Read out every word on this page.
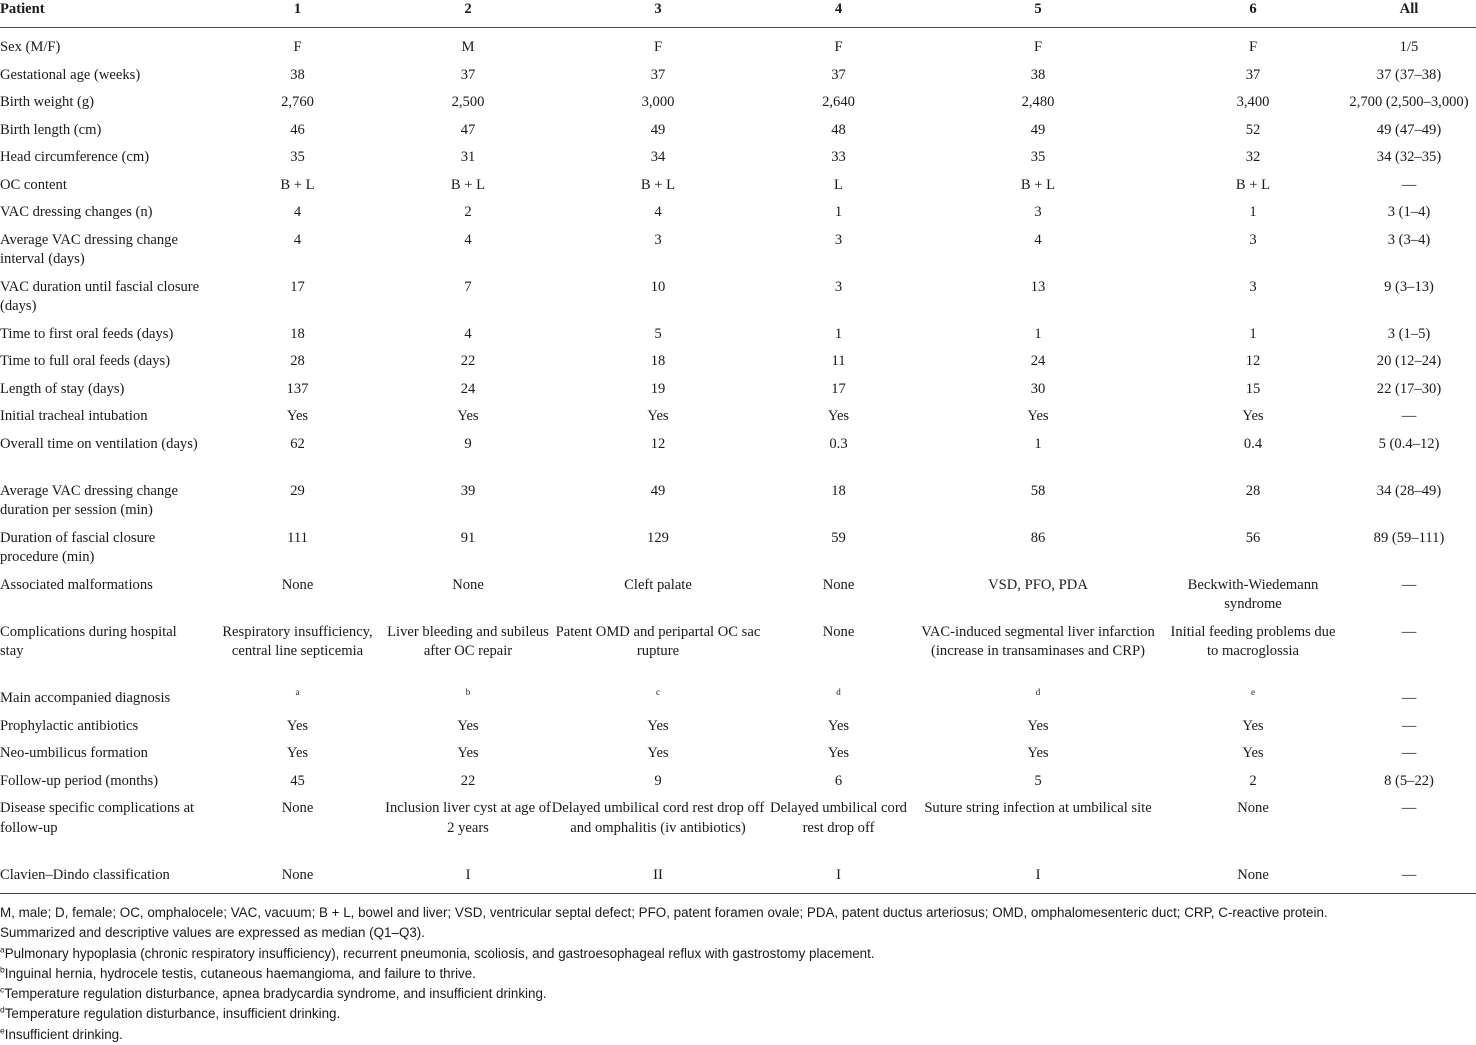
Patient	1	2	3	4	5	6	All
Sex (M/F)	F	M	F	F	F	F	1/5
Gestational age (weeks)	38	37	37	37	38	37	37 (37–38)
Birth weight (g)	2,760	2,500	3,000	2,640	2,480	3,400	2,700 (2,500–3,000)
Birth length (cm)	46	47	49	48	49	52	49 (47–49)
Head circumference (cm)	35	31	34	33	35	32	34 (32–35)
OC content	B + L	B + L	B + L	L	B + L	B + L	—
VAC dressing changes (n)	4	2	4	1	3	1	3 (1–4)
Average VAC dressing change interval (days)	4	4	3	3	4	3	3 (3–4)
VAC duration until fascial closure (days)	17	7	10	3	13	3	9 (3–13)
Time to first oral feeds (days)	18	4	5	1	1	1	3 (1–5)
Time to full oral feeds (days)	28	22	18	11	24	12	20 (12–24)
Length of stay (days)	137	24	19	17	30	15	22 (17–30)
Initial tracheal intubation	Yes	Yes	Yes	Yes	Yes	Yes	—
Overall time on ventilation (days)	62	9	12	0.3	1	0.4	5 (0.4–12)
Average VAC dressing change duration per session (min)	29	39	49	18	58	28	34 (28–49)
Duration of fascial closure procedure (min)	111	91	129	59	86	56	89 (59–111)
Associated malformations	None	None	Cleft palate	None	VSD, PFO, PDA	Beckwith-Wiedemann syndrome	—
Complications during hospital stay	Respiratory insufficiency, central line septicemia	Liver bleeding and subileus after OC repair	Patent OMD and peripartal OC sac rupture	None	VAC-induced segmental liver infarction (increase in transaminases and CRP)	Initial feeding problems due to macroglossia	—
Main accompanied diagnosis	$^a$	$^b$	$^c$	$^d$	$^d$	$^e$	—
Prophylactic antibiotics	Yes	Yes	Yes	Yes	Yes	Yes	—
Neo-umbilicus formation	Yes	Yes	Yes	Yes	Yes	Yes	—
Follow-up period (months)	45	22	9	6	5	2	8 (5–22)
Disease specific complications at follow-up	None	Inclusion liver cyst at age of 2 years	Delayed umbilical cord rest drop off and omphalitis (iv antibiotics)	Delayed umbilical cord rest drop off	Suture string infection at umbilical site	None	—
Clavien–Dindo classification	None	I	II	I	I	None	—

M, male; D, female; OC, omphalocele; VAC, vacuum; B + L, bowel and liver; VSD, ventricular septal defect; PFO, patent foramen ovale; PDA, patent ductus arteriosus; OMD, omphalomesenteric duct; CRP, C-reactive protein.

Summarized and descriptive values are expressed as median (Q1–Q3).

$^a$Pulmonary hypoplasia (chronic respiratory insufficiency), recurrent pneumonia, scoliosis, and gastroesophageal reflux with gastrostomy placement.

$^b$Inguinal hernia, hydrocele testis, cutaneous haemangioma, and failure to thrive.

$^c$Temperature regulation disturbance, apnea bradycardia syndrome, and insufficient drinking.

$^d$Temperature regulation disturbance, insufficient drinking.

$^e$Insufficient drinking.
